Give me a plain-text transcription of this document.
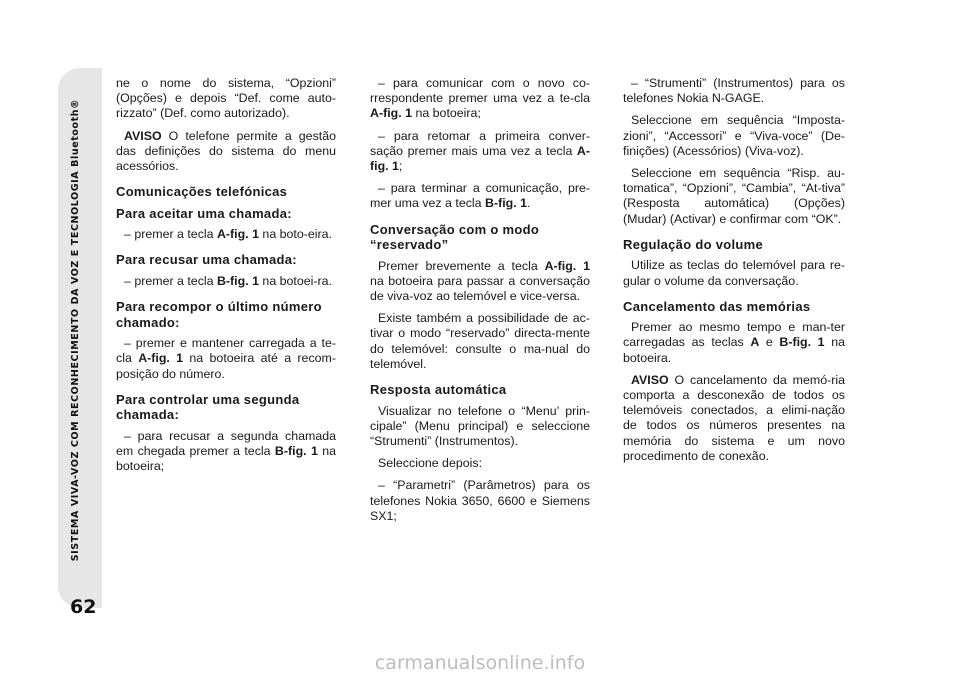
SISTEMA VIVA-VOZ COM RECONHECIMENTO DA VOZ E TECNOLOGIA Bluetooth®
62

ne o nome do sistema, “Opzioni” (Opções) e depois “Def. come auto-rizzato” (Def. como autorizado).

AVISO O telefone permite a gestão das definições do sistema do menu acessórios.

Comunicações telefónicas
Para aceitar uma chamada:

– premer a tecla A-fig. 1 na boto-eira.

Para recusar uma chamada:

– premer a tecla B-fig. 1 na botoei-ra.

Para recompor o último número chamado:

– premer e mantener carregada a te-cla A-fig. 1 na botoeira até a recom-posição do número.

Para controlar uma segunda chamada:

– para recusar a segunda chamada em chegada premer a tecla B-fig. 1 na botoeira;

– para comunicar com o novo co-rrespondente premer uma vez a te-cla A-fig. 1 na botoeira;

– para retomar a primeira conver-sação premer mais uma vez a tecla A-fig. 1;

– para terminar a comunicação, pre-mer uma vez a tecla B-fig. 1.

Conversação com o modo “reservado”

Premer brevemente a tecla A-fig. 1 na botoeira para passar a conversação de viva-voz ao telemóvel e vice-versa.

Existe também a possibilidade de ac-tivar o modo “reservado” directa-mente do telemóvel: consulte o ma-nual do telemóvel.

Resposta automática

Visualizar no telefone o “Menu’ prin-cipale” (Menu principal) e seleccione “Strumenti” (Instrumentos).

Seleccione depois:

– “Parametri” (Parâmetros) para os telefones Nokia 3650, 6600 e Siemens SX1;

– “Strumenti” (Instrumentos) para os telefones Nokia N-GAGE.

Seleccione em sequência “Imposta-zioni”, “Accessori” e “Viva-voce” (De-finições) (Acessórios) (Viva-voz).

Seleccione em sequência “Risp. au-tomatica”, “Opzioni”, “Cambia”, “At-tiva” (Resposta automática) (Opções) (Mudar) (Activar) e confirmar com “OK”.

Regulação do volume

Utilize as teclas do telemóvel para re-gular o volume da conversação.

Cancelamento das memórias

Premer ao mesmo tempo e man-ter carregadas as teclas A e B-fig. 1 na botoeira.

AVISO O cancelamento da memó-ria comporta a desconexão de todos os telemóveis conectados, a elimi-nação de todos os números presentes na memória do sistema e um novo procedimento de conexão.

carmanualsonline.info
